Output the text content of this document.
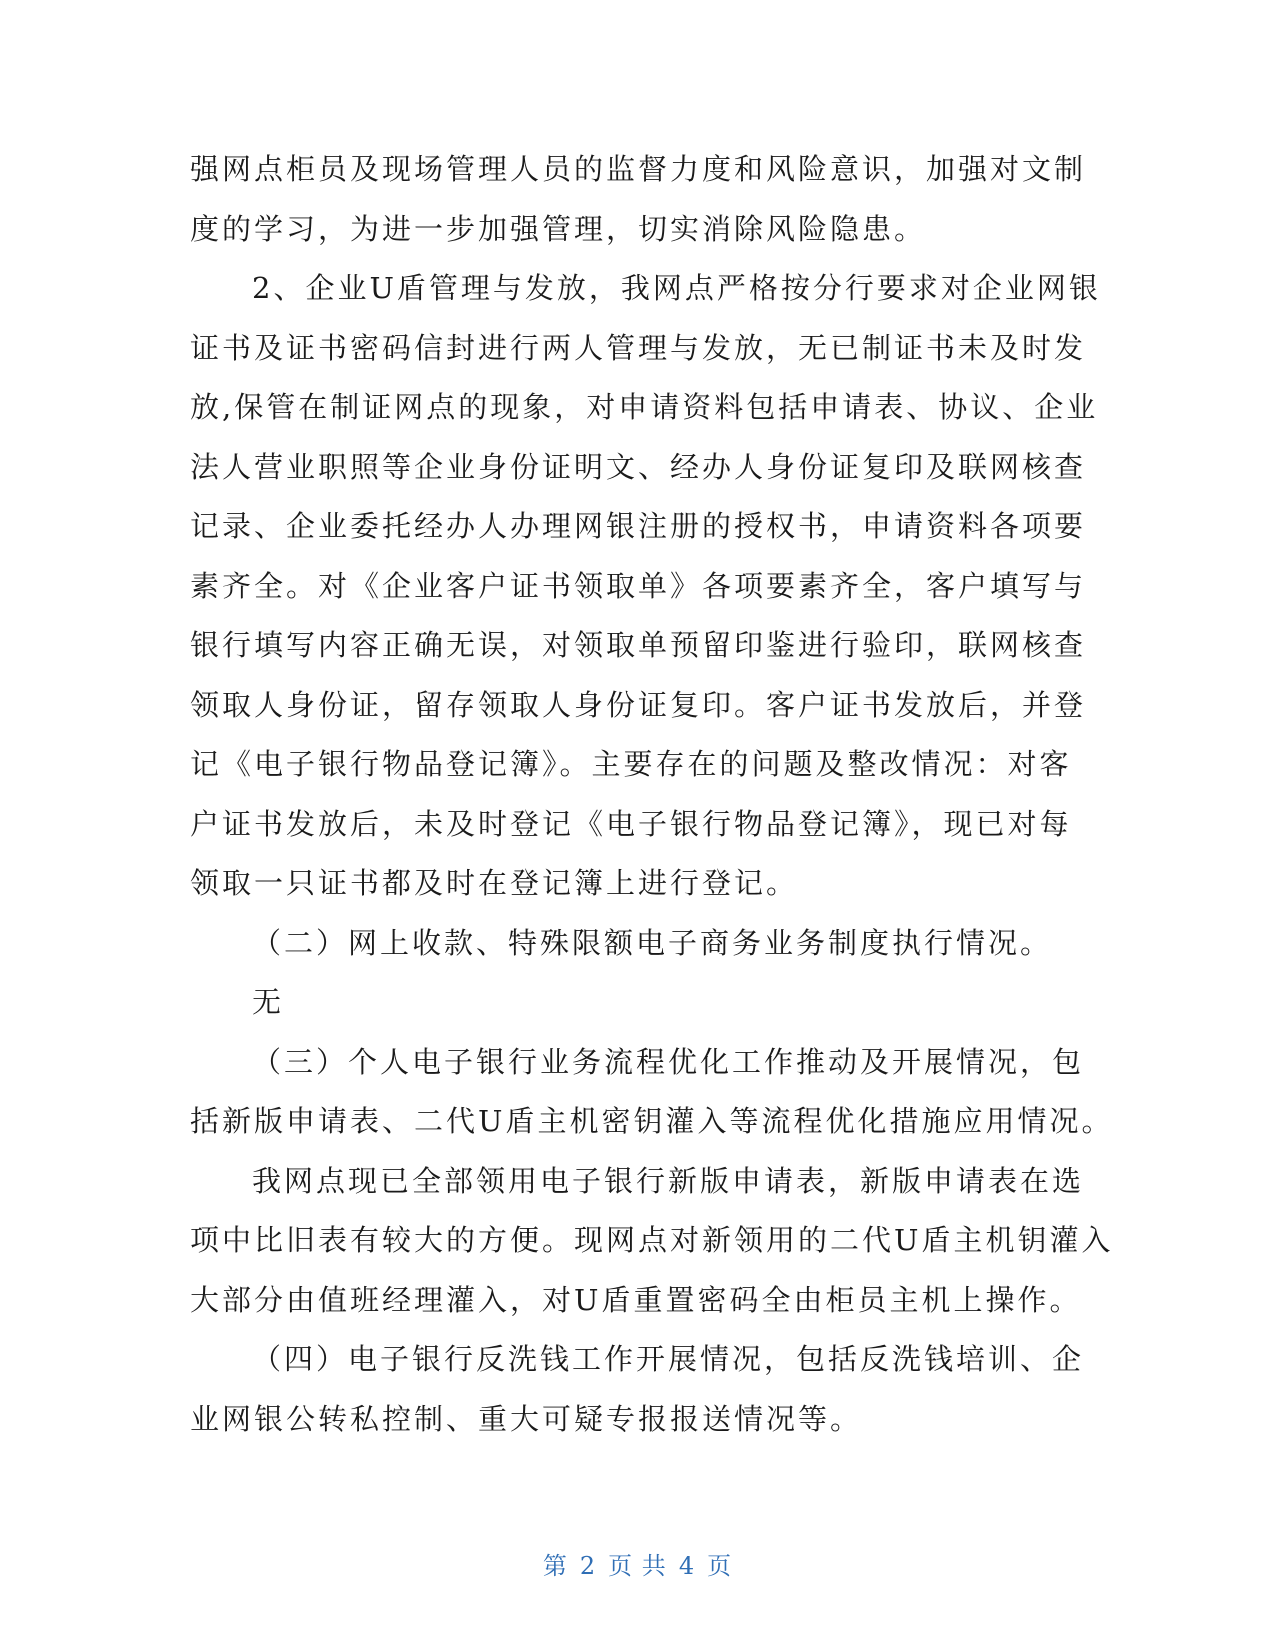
强网点柜员及现场管理人员的监督力度和风险意识，加强对文制
度的学习，为进一步加强管理，切实消除风险隐患。
2、企业U盾管理与发放，我网点严格按分行要求对企业网银
证书及证书密码信封进行两人管理与发放，无已制证书未及时发
放,保管在制证网点的现象，对申请资料包括申请表、协议、企业
法人营业职照等企业身份证明文、经办人身份证复印及联网核查
记录、企业委托经办人办理网银注册的授权书，申请资料各项要
素齐全。对《企业客户证书领取单》各项要素齐全，客户填写与
银行填写内容正确无误，对领取单预留印鉴进行验印，联网核查
领取人身份证，留存领取人身份证复印。客户证书发放后，并登
记《电子银行物品登记簿》。主要存在的问题及整改情况：对客
户证书发放后，未及时登记《电子银行物品登记簿》，现已对每
领取一只证书都及时在登记簿上进行登记。
（二）网上收款、特殊限额电子商务业务制度执行情况。
无
（三）个人电子银行业务流程优化工作推动及开展情况，包
括新版申请表、二代U盾主机密钥灌入等流程优化措施应用情况。
我网点现已全部领用电子银行新版申请表，新版申请表在选
项中比旧表有较大的方便。现网点对新领用的二代U盾主机钥灌入
大部分由值班经理灌入，对U盾重置密码全由柜员主机上操作。
（四）电子银行反洗钱工作开展情况，包括反洗钱培训、企
业网银公转私控制、重大可疑专报报送情况等。
第 2 页 共 4 页
